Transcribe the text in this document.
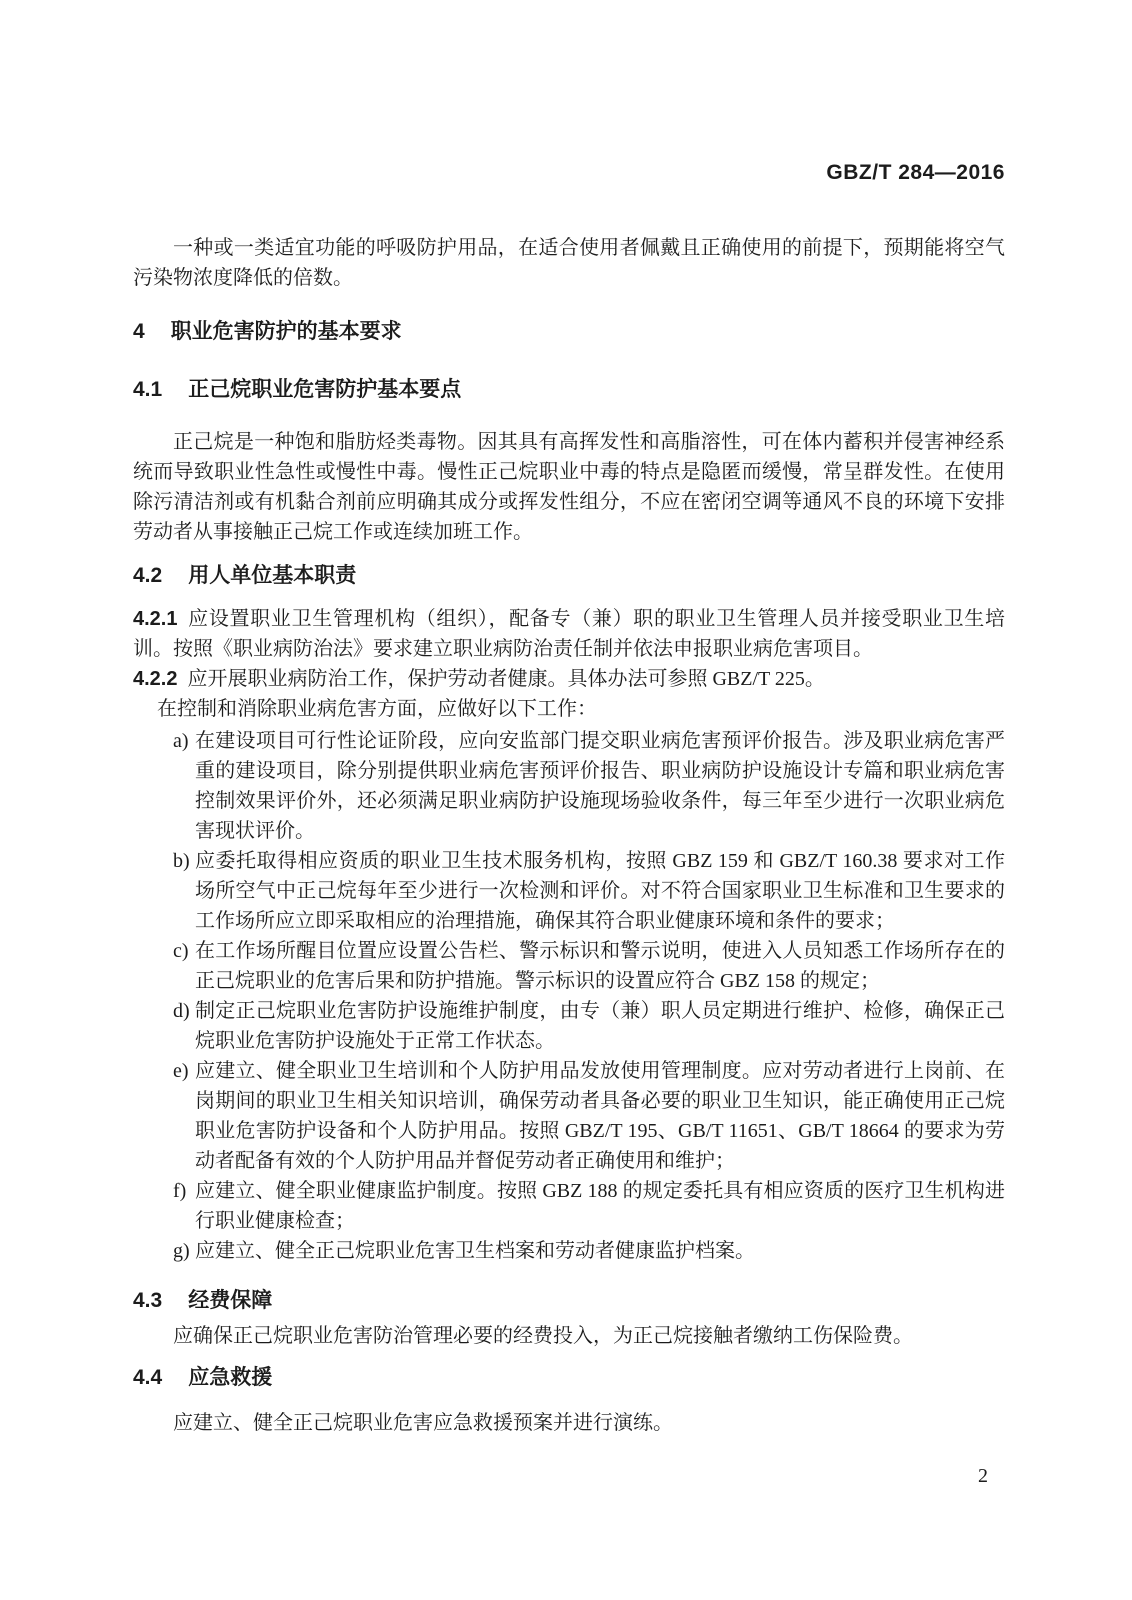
GBZ/T 284—2016

一种或一类适宜功能的呼吸防护用品，在适合使用者佩戴且正确使用的前提下，预期能将空气污染物浓度降低的倍数。

4 职业危害防护的基本要求
4.1 正己烷职业危害防护基本要点

正己烷是一种饱和脂肪烃类毒物。因其具有高挥发性和高脂溶性，可在体内蓄积并侵害神经系统而导致职业性急性或慢性中毒。慢性正己烷职业中毒的特点是隐匿而缓慢，常呈群发性。在使用除污清洁剂或有机黏合剂前应明确其成分或挥发性组分，不应在密闭空调等通风不良的环境下安排劳动者从事接触正己烷工作或连续加班工作。

4.2 用人单位基本职责

4.2.1 应设置职业卫生管理机构（组织），配备专（兼）职的职业卫生管理人员并接受职业卫生培训。按照《职业病防治法》要求建立职业病防治责任制并依法申报职业病危害项目。

4.2.2 应开展职业病防治工作，保护劳动者健康。具体办法可参照 GBZ/T 225。

在控制和消除职业病危害方面，应做好以下工作：

a) 在建设项目可行性论证阶段，应向安监部门提交职业病危害预评价报告。涉及职业病危害严重的建设项目，除分别提供职业病危害预评价报告、职业病防护设施设计专篇和职业病危害控制效果评价外，还必须满足职业病防护设施现场验收条件，每三年至少进行一次职业病危害现状评价。
b) 应委托取得相应资质的职业卫生技术服务机构，按照 GBZ 159 和 GBZ/T 160.38 要求对工作场所空气中正己烷每年至少进行一次检测和评价。对不符合国家职业卫生标准和卫生要求的工作场所应立即采取相应的治理措施，确保其符合职业健康环境和条件的要求；
c) 在工作场所醒目位置应设置公告栏、警示标识和警示说明，使进入人员知悉工作场所存在的正己烷职业的危害后果和防护措施。警示标识的设置应符合 GBZ 158 的规定；
d) 制定正己烷职业危害防护设施维护制度，由专（兼）职人员定期进行维护、检修，确保正己烷职业危害防护设施处于正常工作状态。
e) 应建立、健全职业卫生培训和个人防护用品发放使用管理制度。应对劳动者进行上岗前、在岗期间的职业卫生相关知识培训，确保劳动者具备必要的职业卫生知识，能正确使用正己烷职业危害防护设备和个人防护用品。按照 GBZ/T 195、GB/T 11651、GB/T 18664 的要求为劳动者配备有效的个人防护用品并督促劳动者正确使用和维护；
f) 应建立、健全职业健康监护制度。按照 GBZ 188 的规定委托具有相应资质的医疗卫生机构进行职业健康检查；
g) 应建立、健全正己烷职业危害卫生档案和劳动者健康监护档案。
4.3 经费保障

应确保正己烷职业危害防治管理必要的经费投入，为正己烷接触者缴纳工伤保险费。

4.4 应急救援

应建立、健全正己烷职业危害应急救援预案并进行演练。

2
